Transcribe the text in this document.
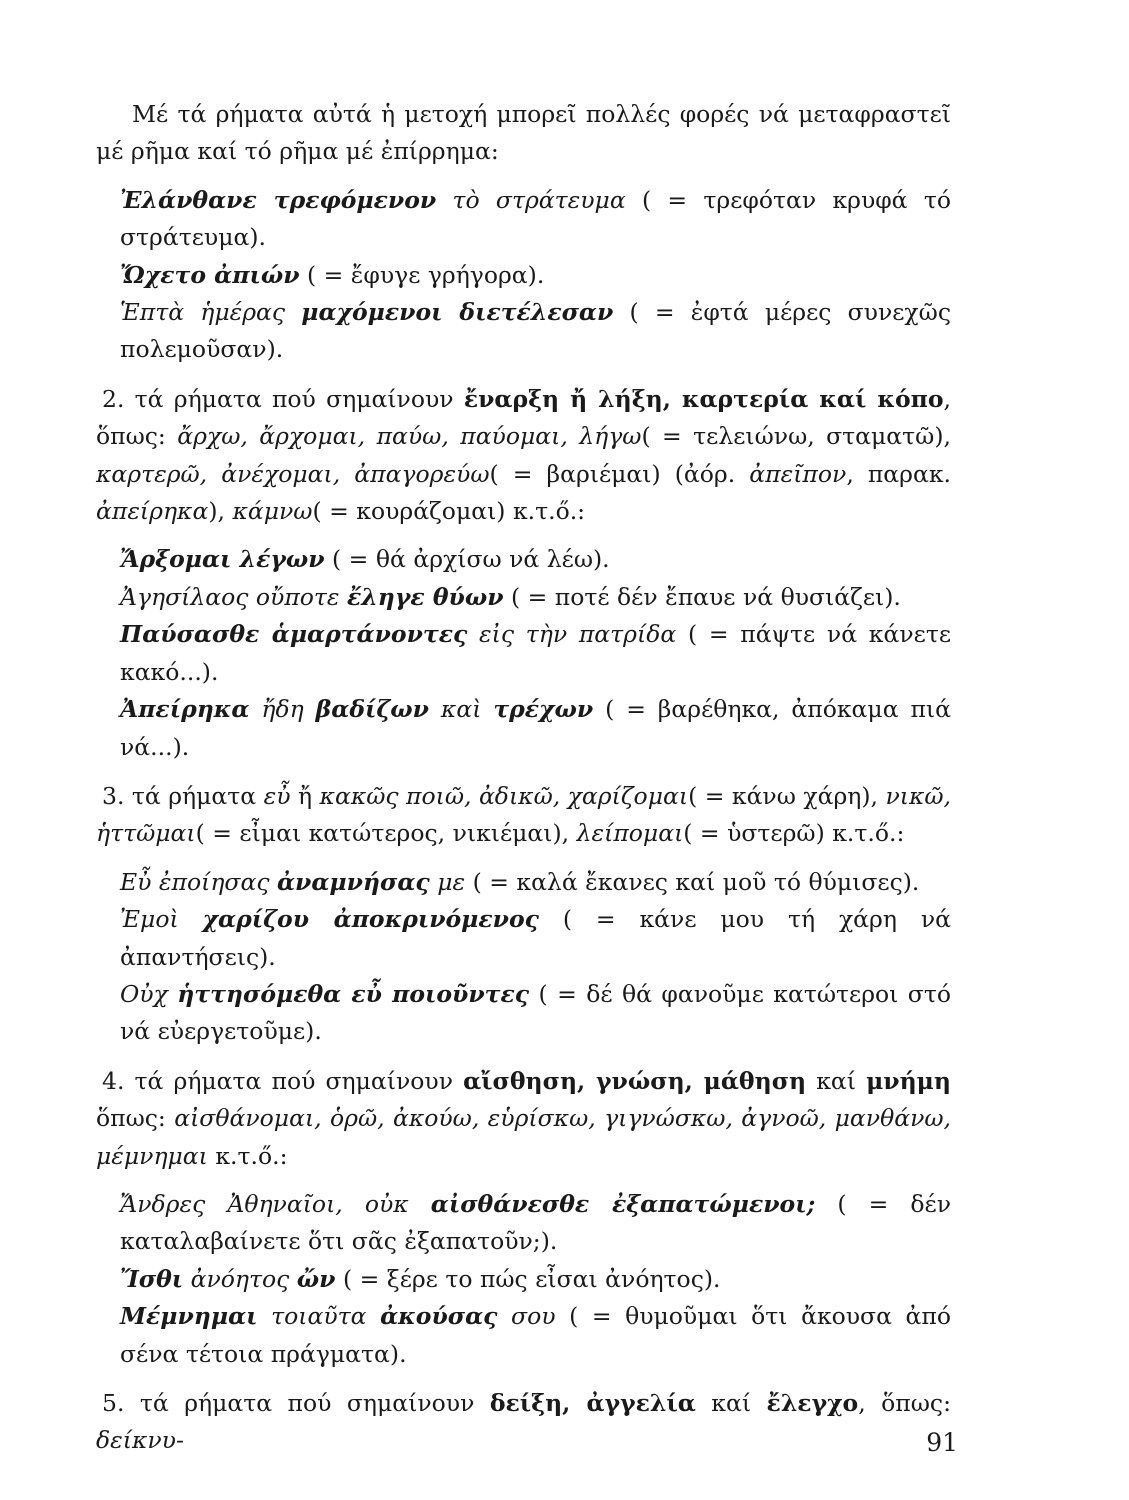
Μέ τά ρήματα αὐτά ἡ μετοχή μπορεῖ πολλές φορές νά μεταφραστεῖ μέ ρῆμα καί τό ρῆμα μέ ἐπίρρημα:

Ἐλάνθανε τρεφόμενον τὸ στράτευμα ( = τρεφόταν κρυφά τό στράτευμα).

Ὤχετο ἀπιών ( = ἔφυγε γρήγορα).

Ἑπτὰ ἡμέρας μαχόμενοι διετέλεσαν ( = ἐφτά μέρες συνεχῶς πολεμοῦσαν).

2. τά ρήματα πού σημαίνουν ἔναρξη ἤ λήξη, καρτερία καί κόπο, ὅπως: ἄρχω, ἄρχομαι, παύω, παύομαι, λήγω( = τελειώνω, σταματῶ), καρτερῶ, ἀνέχομαι, ἀπαγορεύω( = βαριέμαι) (ἀόρ. ἀπεῖπον, παρακ. ἀπείρηκα), κάμνω( = κουράζομαι) κ.τ.ő.:

Ἄρξομαι λέγων ( = θά ἀρχίσω νά λέω).

Ἀγησίλαος οὔποτε ἔληγε θύων ( = ποτέ δέν ἔπαυε νά θυσιάζει).

Παύσασθε ἁμαρτάνοντες εἰς τὴν πατρίδα ( = πάψτε νά κάνετε κακό...).

Ἀπείρηκα ἤδη βαδίζων καὶ τρέχων ( = βαρέθηκα, ἀπόκαμα πιά νά...).

3. τά ρήματα εὖ ἤ κακῶς ποιῶ, ἀδικῶ, χαρίζομαι( = κάνω χάρη), νικῶ, ἡττῶμαι( = εἶμαι κατώτερος, νικιέμαι), λείπομαι( = ὑστερῶ) κ.τ.ő.:

Εὖ ἐποίησας ἀναμνήσας με ( = καλά ἔκανες καί μοῦ τό θύμισες).

Ἐμοὶ χαρίζου ἀποκρινόμενος ( = κάνε μου τή χάρη νά ἀπαντήσεις).

Οὐχ ἡττησόμεθα εὖ ποιοῦντες ( = δέ θά φανοῦμε κατώτεροι στό νά εὐεργετοῦμε).

4. τά ρήματα πού σημαίνουν αἴσθηση, γνώση, μάθηση καί μνήμη ὅπως: αἰσθάνομαι, ὁρῶ, ἀκούω, εὑρίσκω, γιγνώσκω, ἀγνοῶ, μανθάνω, μέμνημαι κ.τ.ő.:

Ἄνδρες Ἀθηναῖοι, οὐκ αἰσθάνεσθε ἐξαπατώμενοι; ( = δέν καταλαβαίνετε ὅτι σᾶς ἐξαπατοῦν;).

Ἴσθι ἀνόητος ὤν ( = ξέρε το πώς εἶσαι ἀνόητος).

Μέμνημαι τοιαῦτα ἀκούσας σου ( = θυμοῦμαι ὅτι ἄκουσα ἀπό σένα τέτοια πράγματα).

5. τά ρήματα πού σημαίνουν δείξη, ἀγγελία καί ἔλεγχο, ὅπως: δείκνυ-	91
